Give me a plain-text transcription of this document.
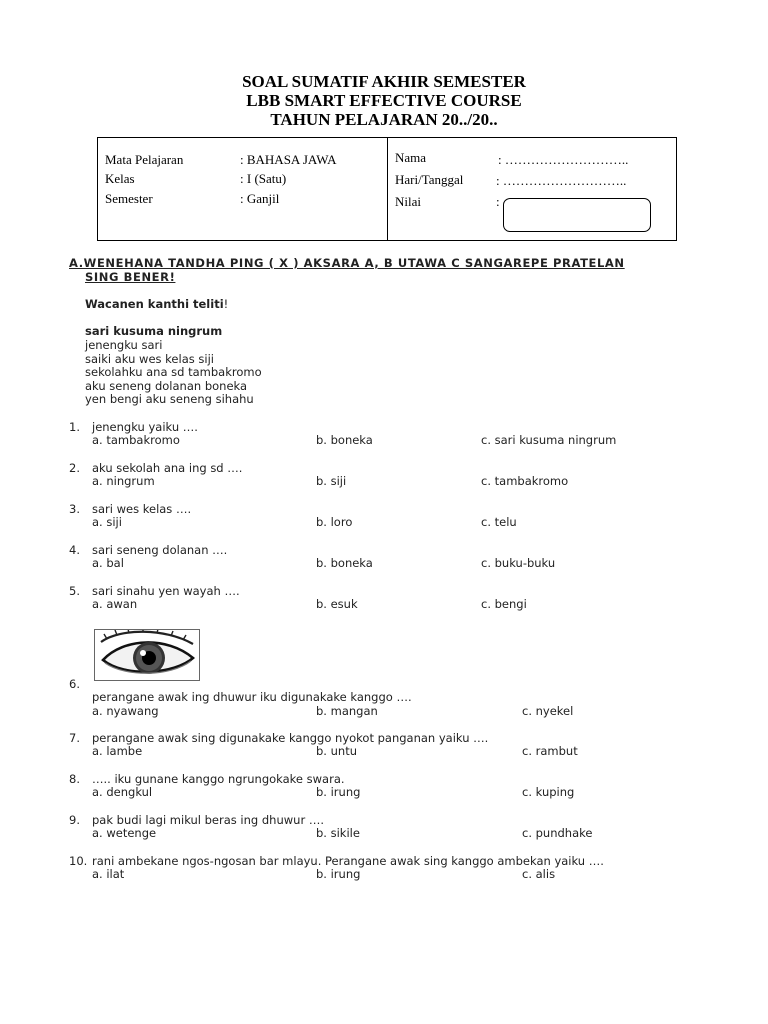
SOAL SUMATIF AKHIR SEMESTER
LBB SMART EFFECTIVE COURSE
TAHUN PELAJARAN 20../20..
Mata Pelajaran	: BAHASA JAWA
Kelas	: I (Satu)
Semester	: Ganjil
Nama	: ………………………..
Hari/Tanggal	: ………………………..
Nilai	:
A.WENEHANA TANDHA PING ( X ) AKSARA A, B UTAWA C SANGAREPE PRATELAN
SING BENER!
Wacanen kanthi teliti!
sari kusuma ningrum
jenengku sari
saiki aku wes kelas siji
sekolahku ana sd tambakromo
aku seneng dolanan boneka
yen bengi aku seneng sihahu
1. jenengku yaiku ….
a. tambakromo	b. boneka	c. sari kusuma ningrum
2. aku sekolah ana ing sd ….
a. ningrum	b. siji	c. tambakromo
3. sari wes kelas ….
a. siji	b. loro	c. telu
4. sari seneng dolanan ….
a. bal	b. boneka	c. buku-buku
5. sari sinahu yen wayah ….
a. awan	b. esuk	c. bengi
6.
perangane awak ing dhuwur iku digunakake kanggo ….
a. nyawang	b. mangan	c. nyekel
7. perangane awak sing digunakake kanggo nyokot panganan yaiku ….
a. lambe	b. untu	c. rambut
8. ….. iku gunane kanggo ngrungokake swara.
a. dengkul	b. irung	c. kuping
9. pak budi lagi mikul beras ing dhuwur ….
a. wetenge	b. sikile	c. pundhake
10. rani ambekane ngos-ngosan bar mlayu. Perangane awak sing kanggo ambekan yaiku ….
a. ilat	b. irung	c. alis
